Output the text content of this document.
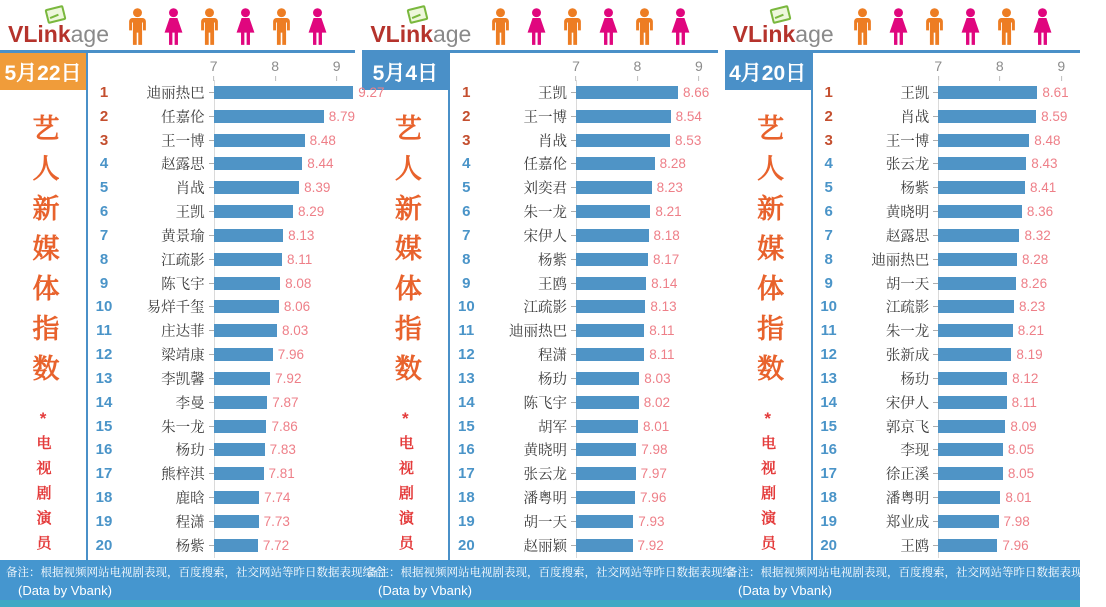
VLinkage
5月22日
艺人新媒体指数
*
电视剧演员
7	8	9
1	迪丽热巴	9.27
2	任嘉伦	8.79
3	王一博	8.48
4	赵露思	8.44
5	肖战	8.39
6	王凯	8.29
7	黄景瑜	8.13
8	江疏影	8.11
9	陈飞宇	8.08
10	易烊千玺	8.06
11	庄达菲	8.03
12	梁靖康	7.96
13	李凯馨	7.92
14	李曼	7.87
15	朱一龙	7.86
16	杨玏	7.83
17	熊梓淇	7.81
18	鹿晗	7.74
19	程潇	7.73
20	杨紫	7.72
VLinkage
5月4日
艺人新媒体指数
*
电视剧演员
7	8	9
1	王凯	8.66
2	王一博	8.54
3	肖战	8.53
4	任嘉伦	8.28
5	刘奕君	8.23
6	朱一龙	8.21
7	宋伊人	8.18
8	杨紫	8.17
9	王鸥	8.14
10	江疏影	8.13
11	迪丽热巴	8.11
12	程潇	8.11
13	杨玏	8.03
14	陈飞宇	8.02
15	胡军	8.01
16	黄晓明	7.98
17	张云龙	7.97
18	潘粤明	7.96
19	胡一天	7.93
20	赵丽颖	7.92
VLinkage
4月20日
艺人新媒体指数
*
电视剧演员
7	8	9
1	王凯	8.61
2	肖战	8.59
3	王一博	8.48
4	张云龙	8.43
5	杨紫	8.41
6	黄晓明	8.36
7	赵露思	8.32
8	迪丽热巴	8.28
9	胡一天	8.26
10	江疏影	8.23
11	朱一龙	8.21
12	张新成	8.19
13	杨玏	8.12
14	宋伊人	8.11
15	郭京飞	8.09
16	李现	8.05
17	徐正溪	8.05
18	潘粤明	8.01
19	郑业成	7.98
20	王鸥	7.96
备注：根据视频网站电视剧表现，百度搜索，社交网站等昨日数据表现综合
(Data by Vbank)
备注：根据视频网站电视剧表现，百度搜索，社交网站等昨日数据表现综
(Data by Vbank)
备注：根据视频网站电视剧表现，百度搜索，社交网站等昨日数据表现综合
(Data by Vbank)
